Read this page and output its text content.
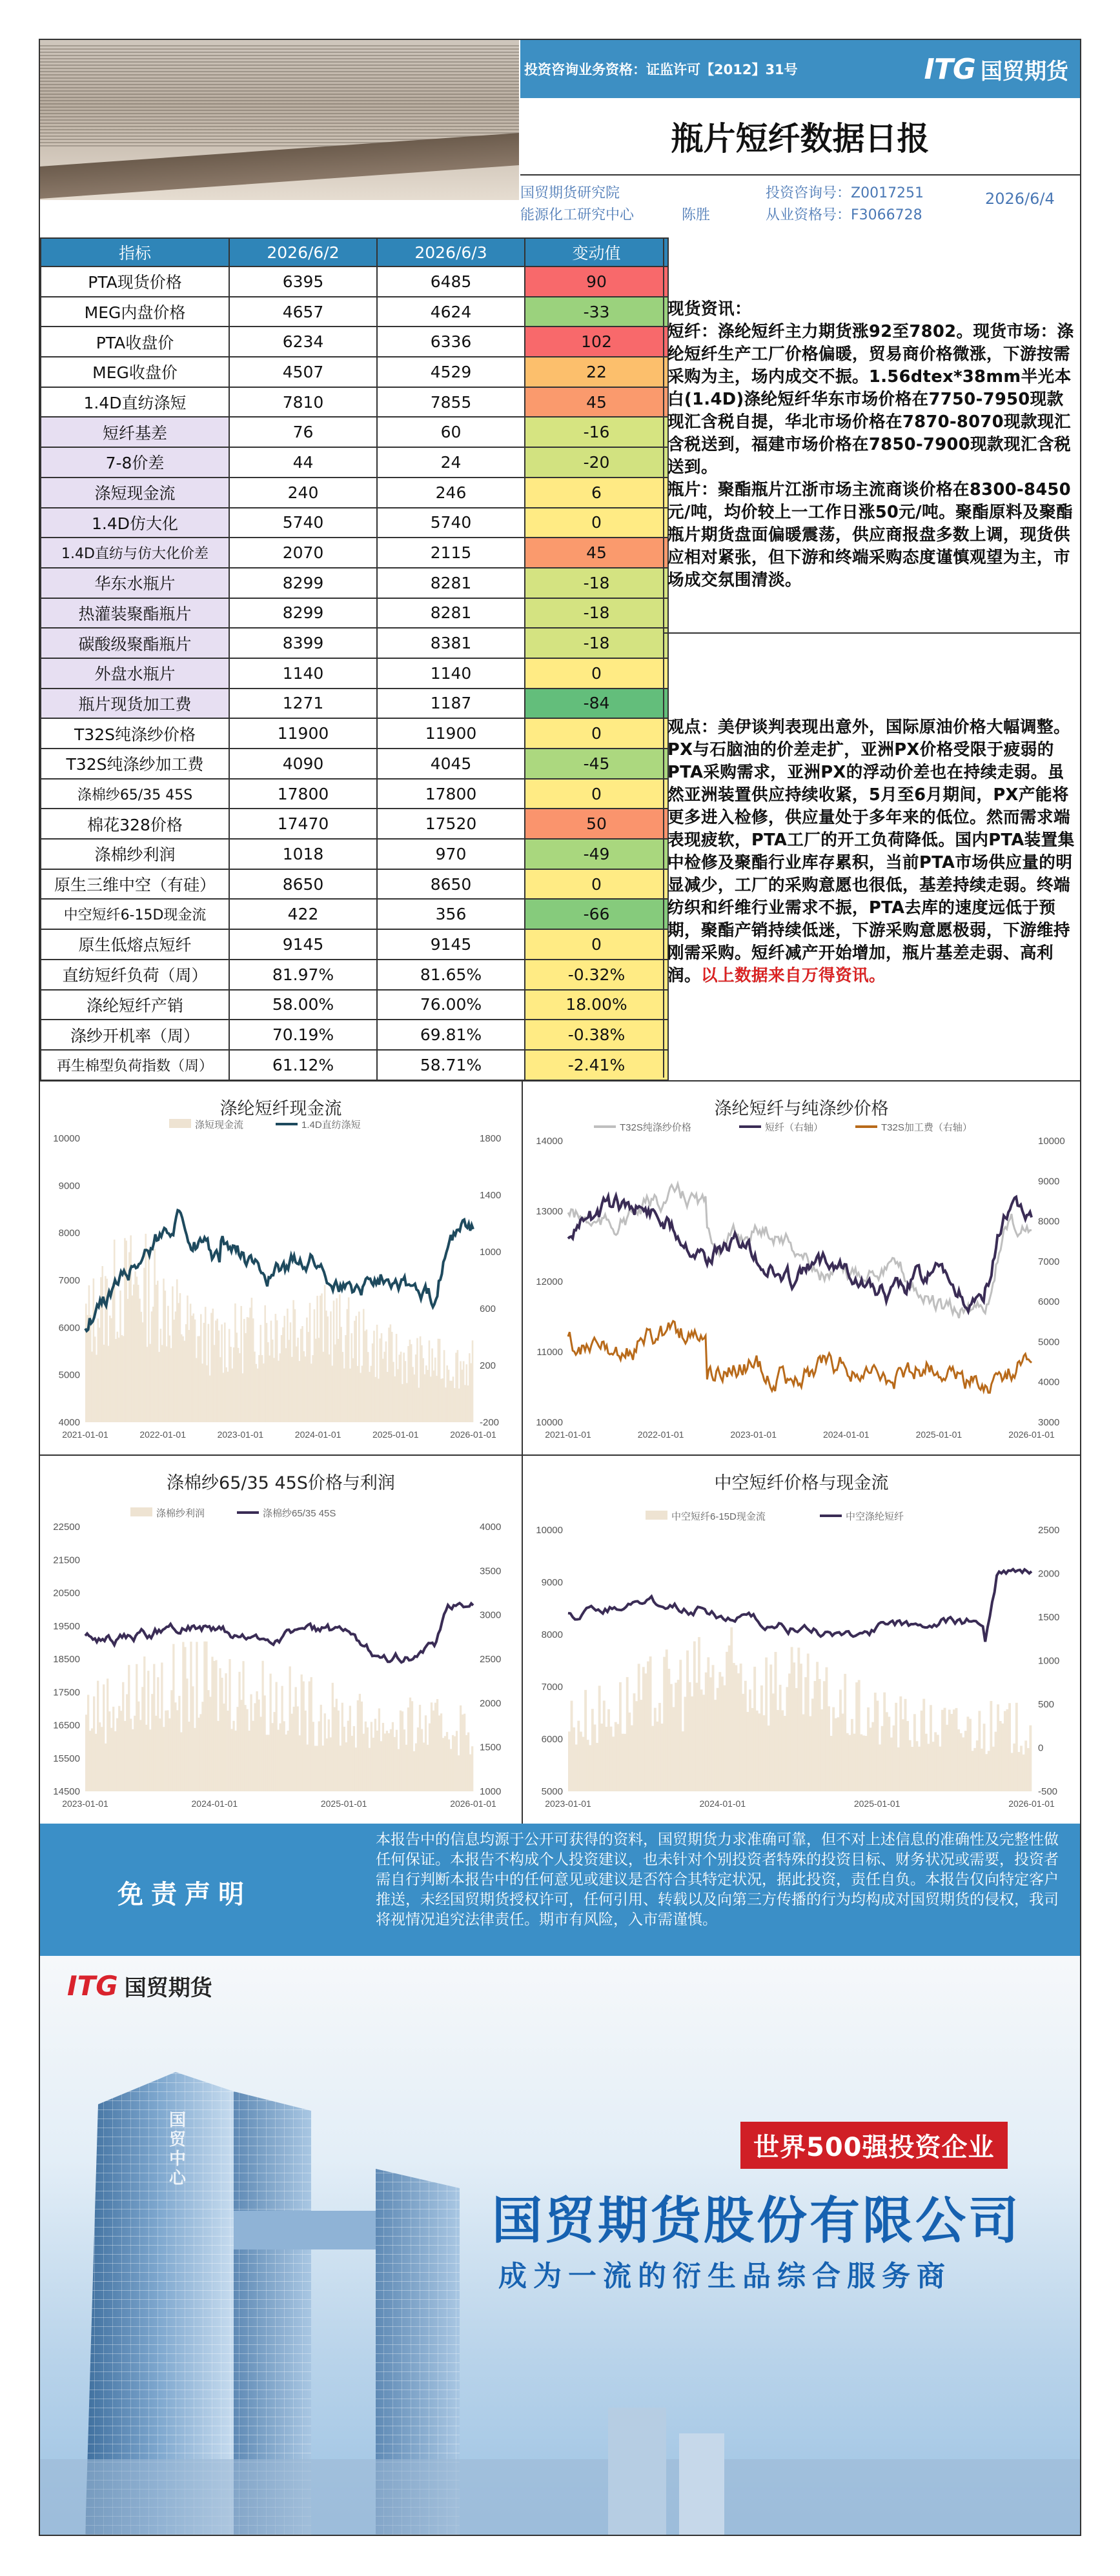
投资咨询业务资格：证监许可【2012】31号	ITG 国贸期货
瓶片短纤数据日报
国贸期货研究院
能源化工研究中心	陈胜
投资咨询号：Z0017251
从业资格号：F3066728
2026/6/4
指标	2026/6/2	2026/6/3	变动值
PTA现货价格	6395	6485	90
MEG内盘价格	4657	4624	-33
PTA收盘价	6234	6336	102
MEG收盘价	4507	4529	22
1.4D直纺涤短	7810	7855	45
短纤基差	76	60	-16
7-8价差	44	24	-20
涤短现金流	240	246	6
1.4D仿大化	5740	5740	0
1.4D直纺与仿大化价差	2070	2115	45
华东水瓶片	8299	8281	-18
热灌装聚酯瓶片	8299	8281	-18
碳酸级聚酯瓶片	8399	8381	-18
外盘水瓶片	1140	1140	0
瓶片现货加工费	1271	1187	-84
T32S纯涤纱价格	11900	11900	0
T32S纯涤纱加工费	4090	4045	-45
涤棉纱65/35 45S	17800	17800	0
棉花328价格	17470	17520	50
涤棉纱利润	1018	970	-49
原生三维中空（有硅）	8650	8650	0
中空短纤6-15D现金流	422	356	-66
原生低熔点短纤	9145	9145	0
直纺短纤负荷（周）	81.97%	81.65%	-0.32%
涤纶短纤产销	58.00%	76.00%	18.00%
涤纱开机率（周）	70.19%	69.81%	-0.38%
再生棉型负荷指数（周）	61.12%	58.71%	-2.41%
现货资讯：
短纤：涤纶短纤主力期货涨92至7802。现货市场：涤纶短纤生产工厂价格偏暖，贸易商价格微涨，下游按需采购为主，场内成交不振。1.56dtex*38mm半光本白(1.4D)涤纶短纤华东市场价格在7750-7950现款现汇含税自提，华北市场价格在7870-8070现款现汇含税送到，福建市场价格在7850-7900现款现汇含税送到。
瓶片：聚酯瓶片江浙市场主流商谈价格在8300-8450元/吨，均价较上一工作日涨50元/吨。聚酯原料及聚酯瓶片期货盘面偏暖震荡，供应商报盘多数上调，现货供应相对紧张，但下游和终端采购态度谨慎观望为主，市场成交氛围清淡。
观点：美伊谈判表现出意外，国际原油价格大幅调整。PX与石脑油的价差走扩，亚洲PX价格受限于疲弱的PTA采购需求，亚洲PX的浮动价差也在持续走弱。虽然亚洲装置供应持续收紧，5月至6月期间，PX产能将更多进入检修，供应量处于多年来的低位。然而需求端表现疲软，PTA工厂的开工负荷降低。国内PTA装置集中检修及聚酯行业库存累积，当前PTA市场供应量的明显减少，工厂的采购意愿也很低，基差持续走弱。终端纺织和纤维行业需求不振，PTA去库的速度远低于预期，聚酯产销持续低迷，下游采购意愿极弱，下游维持刚需采购。短纤减产开始增加，瓶片基差走弱、高利润。以上数据来自万得资讯。
涤纶短纤现金流
涤短现金流	1.4D直纺涤短
10000
9000
8000
7000
6000
5000
4000
1800
1400
1000
600
200
-200
2021-01-01	2022-01-01	2023-01-01	2024-01-01	2025-01-01	2026-01-01
涤纶短纤与纯涤纱价格
T32S纯涤纱价格	短纤（右轴）	T32S加工费（右轴）
14000
13000
12000
11000
10000
10000
9000
8000
7000
6000
5000
4000
3000
2021-01-01	2022-01-01	2023-01-01	2024-01-01	2025-01-01	2026-01-01
涤棉纱65/35 45S价格与利润
涤棉纱利润	涤棉纱65/35 45S
22500
21500
20500
19500
18500
17500
16500
15500
14500
4000
3500
3000
2500
2000
1500
1000
2023-01-01	2024-01-01	2025-01-01	2026-01-01
中空短纤价格与现金流
中空短纤6-15D现金流	中空涤纶短纤
10000
9000
8000
7000
6000
5000
2500
2000
1500
1000
500
0
-500
2023-01-01	2024-01-01	2025-01-01	2026-01-01
免责声明
本报告中的信息均源于公开可获得的资料，国贸期货力求准确可靠，但不对上述信息的准确性及完整性做任何保证。本报告不构成个人投资建议，也未针对个别投资者特殊的投资目标、财务状况或需要，投资者需自行判断本报告中的任何意见或建议是否符合其特定状况，据此投资，责任自负。本报告仅向特定客户推送，未经国贸期货授权许可，任何引用、转载以及向第三方传播的行为均构成对国贸期货的侵权，我司将视情况追究法律责任。期市有风险，入市需谨慎。
国贸中心
ITG 国贸期货
世界500强投资企业
国贸期货股份有限公司
成为一流的衍生品综合服务商
